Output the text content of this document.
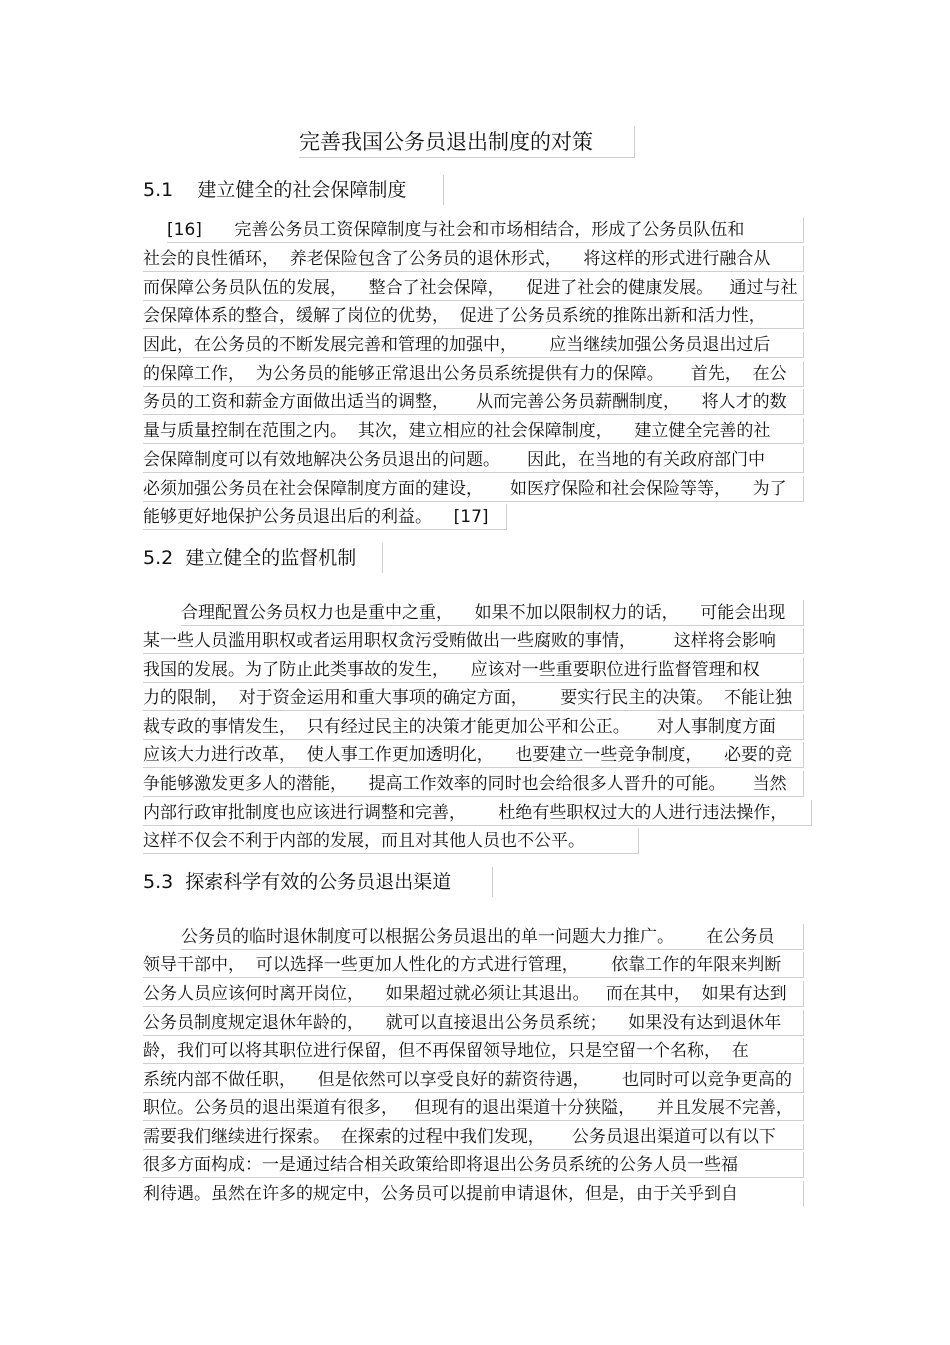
完善我国公务员退出制度的对策
5.1    建立健全的社会保障制度
[16]      完善公务员工资保障制度与社会和市场相结合，形成了公务员队伍和
社会的良性循环，  养老保险包含了公务员的退休形式，    将这样的形式进行融合从
而保障公务员队伍的发展，    整合了社会保障，    促进了社会的健康发展。   通过与社
会保障体系的整合，缓解了岗位的优势，  促进了公务员系统的推陈出新和活力性，
因此，在公务员的不断发展完善和管理的加强中，      应当继续加强公务员退出过后
的保障工作，  为公务员的能够正常退出公务员系统提供有力的保障。     首先，  在公
务员的工资和薪金方面做出适当的调整，     从而完善公务员薪酬制度，    将人才的数
量与质量控制在范围之内。  其次，建立相应的社会保障制度，    建立健全完善的社
会保障制度可以有效地解决公务员退出的问题。     因此，在当地的有关政府部门中
必须加强公务员在社会保障制度方面的建设，     如医疗保险和社会保险等等，    为了
能够更好地保护公务员退出后的利益。    [17]
5.2  建立健全的监督机制
合理配置公务员权力也是重中之重，    如果不加以限制权力的话，    可能会出现
某一些人员滥用职权或者运用职权贪污受贿做出一些腐败的事情，       这样将会影响
我国的发展。为了防止此类事故的发生，    应该对一些重要职位进行监督管理和权
力的限制，  对于资金运用和重大事项的确定方面，      要实行民主的决策。  不能让独
裁专政的事情发生，  只有经过民主的决策才能更加公平和公正。     对人事制度方面
应该大力进行改革，  使人事工作更加透明化，    也要建立一些竞争制度，    必要的竞
争能够激发更多人的潜能，    提高工作效率的同时也会给很多人晋升的可能。     当然
内部行政审批制度也应该进行调整和完善，      杜绝有些职权过大的人进行违法操作，
这样不仅会不利于内部的发展，而且对其他人员也不公平。
5.3  探索科学有效的公务员退出渠道
公务员的临时退休制度可以根据公务员退出的单一问题大力推广。      在公务员
领导干部中，  可以选择一些更加人性化的方式进行管理，      依靠工作的年限来判断
公务人员应该何时离开岗位，    如果超过就必须让其退出。   而在其中，  如果有达到
公务员制度规定退休年龄的，    就可以直接退出公务员系统；    如果没有达到退休年
龄，我们可以将其职位进行保留，但不再保留领导地位，只是空留一个名称，  在
系统内部不做任职，    但是依然可以享受良好的薪资待遇，      也同时可以竞争更高的
职位。公务员的退出渠道有很多，   但现有的退出渠道十分狭隘，    并且发展不完善，
需要我们继续进行探索。  在探索的过程中我们发现，     公务员退出渠道可以有以下
很多方面构成：一是通过结合相关政策给即将退出公务员系统的公务人员一些福
利待遇。虽然在许多的规定中，公务员可以提前申请退休，但是，由于关乎到自
